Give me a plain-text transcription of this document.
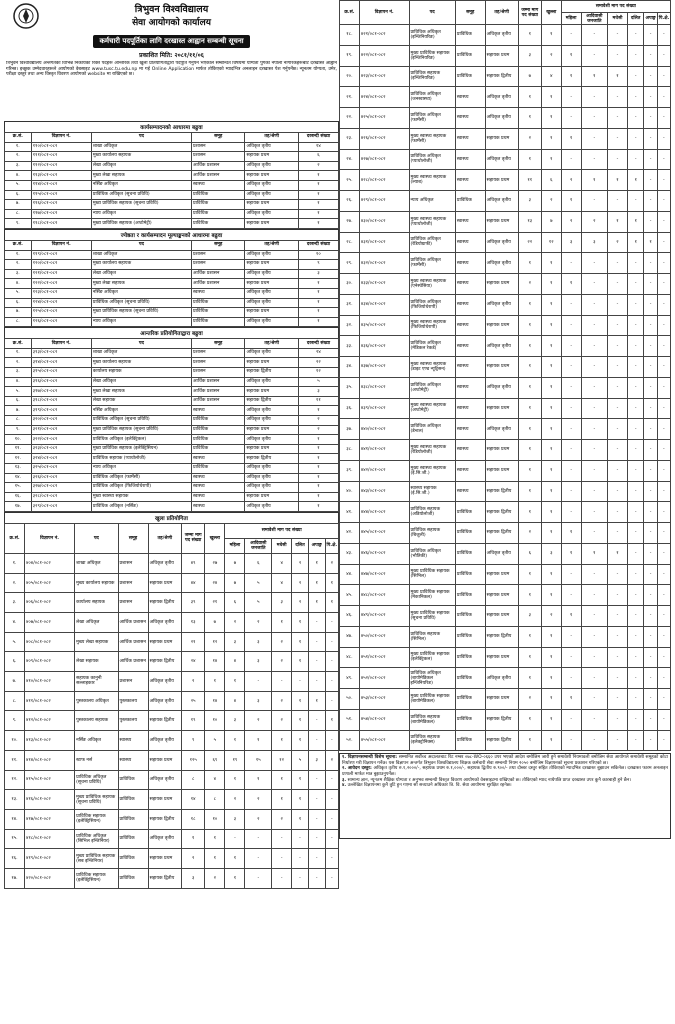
त्रिभुवन विश्वविद्यालय
सेवा आयोगको कार्यालय
कर्मचारी पदपूर्तिका लागि दरखास्त आह्वान सम्बन्धी सूचना
प्रकाशित मिति: २०८१/११/०६
त्रिभुवन विश्वविद्यालय अन्तर्गतका विभिन्न निकायका रिक्त पदहरू आन्तरिक तथा खुला प्रतियोगिताद्वारा पदपूर्ति गर्नुपर्ने भएकाले सम्बन्धित विषयमा योग्यता पुगेका नेपाली नागरिकहरूबाट दरखास्त आह्वान गरिन्छ। इच्छुक उम्मेदवारहरूले आयोगको वेबसाइट www.tusc.tu.edu.np मा गई Online Application मार्फत तोकिएको म्यादभित्र अनलाइन दरखास्त पेश गर्नुपर्नेछ। न्यूनतम योग्यता, उमेर, परीक्षा दस्तुर तथा अन्य विस्तृत विवरण आयोगको website मा राखिएको छ।
कार्यसम्पादनको आधारमा बढुवा
क्र.सं.	विज्ञापन नं.	पद	समूह	तह/श्रेणी	दरबन्दी संख्या
१.	११०/०८१-०८२	शाखा अधिकृत	प्रशासन	अधिकृत तृतीय	१४
२.	१११/०८१-०८२	मुख्य कार्यालय सहायक	प्रशासन	सहायक प्रथम	६
३.	११२/०८१-०८२	लेखा अधिकृत	आर्थिक प्रशासन	अधिकृत तृतीय	२
४.	११३/०८१-०८२	मुख्य लेखा सहायक	आर्थिक प्रशासन	सहायक प्रथम	१
५.	११४/०८१-०८२	नर्सिङ अधिकृत	स्वास्थ्य	अधिकृत तृतीय	१
६.	११५/०८१-०८२	प्राविधिक अधिकृत (सूचना प्रविधि)	प्राविधिक	अधिकृत तृतीय	१
७.	११६/०८१-०८२	मुख्य प्राविधिक सहायक (सूचना प्रविधि)	प्राविधिक	सहायक प्रथम	१
८.	११७/०८१-०८२	न्याय अधिकृत	प्राविधिक	अधिकृत तृतीय	१
९.	११८/०८१-०८२	मुख्य प्राविधिक सहायक (अप्टोमेट्री)	प्राविधिक	सहायक प्रथम	१
ज्येष्ठता र कार्यसम्पादन मूल्याङ्कनको आधारमा बढुवा
क्र.सं.	विज्ञापन नं.	पद	समूह	तह/श्रेणी	दरबन्दी संख्या
१.	११९/०८१-०८२	शाखा अधिकृत	प्रशासन	अधिकृत तृतीय	१०
२.	१२०/०८१-०८२	मुख्य कार्यालय सहायक	प्रशासन	सहायक प्रथम	९
३.	१२१/०८१-०८२	लेखा अधिकृत	आर्थिक प्रशासन	अधिकृत तृतीय	३
४.	१२२/०८१-०८२	मुख्य लेखा सहायक	आर्थिक प्रशासन	सहायक प्रथम	१
५.	१२३/०८१-०८२	नर्सिङ अधिकृत	स्वास्थ्य	अधिकृत तृतीय	१
६.	१२४/०८१-०८२	प्राविधिक अधिकृत (सूचना प्रविधि)	प्राविधिक	अधिकृत तृतीय	१
७.	१२५/०८१-०८२	मुख्य प्राविधिक सहायक (सूचना प्रविधि)	प्राविधिक	सहायक प्रथम	१
८.	१२६/०८१-०८२	न्याय अधिकृत	प्राविधिक	अधिकृत तृतीय	१
आन्तरिक प्रतियोगिताद्वारा बढुवा
क्र.सं.	विज्ञापन नं.	पद	समूह	तह/श्रेणी	दरबन्दी संख्या
१.	३१३/०८१-०८२	शाखा अधिकृत	प्रशासन	अधिकृत तृतीय	२४
२.	३१४/०८१-०८२	मुख्य कार्यालय सहायक	प्रशासन	सहायक प्रथम	२२
३.	३१५/०८१-०८२	कार्यालय सहायक	प्रशासन	सहायक द्वितीय	१२
४.	३१६/०८१-०८२	लेखा अधिकृत	आर्थिक प्रशासन	अधिकृत तृतीय	५
५.	३१७/०८१-०८२	मुख्य लेखा सहायक	आर्थिक प्रशासन	सहायक प्रथम	३
६.	३१८/०८१-०८२	लेखा सहायक	आर्थिक प्रशासन	सहायक द्वितीय	११
७.	३१९/०८१-०८२	नर्सिङ अधिकृत	स्वास्थ्य	अधिकृत तृतीय	१
८.	३२०/०८१-०८२	प्राविधिक अधिकृत (सूचना प्रविधि)	प्राविधिक	अधिकृत तृतीय	२
९.	३२१/०८१-०८२	मुख्य प्राविधिक सहायक (सूचना प्रविधि)	प्राविधिक	सहायक प्रथम	२
१०.	३२२/०८१-०८२	प्राविधिक अधिकृत (इलेक्ट्रिकल)	प्राविधिक	अधिकृत तृतीय	१
११.	३२३/०८१-०८२	मुख्य प्राविधिक सहायक (इलेक्ट्रिसियन)	प्राविधिक	सहायक प्रथम	१
१२.	३२४/०८१-०८२	प्राविधिक सहायक (प्याथोलोजी)	स्वास्थ्य	सहायक द्वितीय	१
१३.	३२५/०८१-०८२	न्याय अधिकृत	प्राविधिक	अधिकृत तृतीय	१
१४.	३२६/०८१-०८२	प्राविधिक अधिकृत (फार्मेसी)	स्वास्थ्य	अधिकृत तृतीय	१
१५.	३२७/०८१-०८२	प्राविधिक अधिकृत (फिजियोथेरापी)	स्वास्थ्य	अधिकृत तृतीय	१
१६.	३२८/०८१-०८२	मुख्य स्वास्थ्य सहायक	स्वास्थ्य	सहायक प्रथम	१
१७.	३२९/०८१-०८२	प्राविधिक अधिकृत (नर्सिङ)	स्वास्थ्य	अधिकृत तृतीय	१
खुला प्रतियोगिता
क्र.सं.	विज्ञापन नं.	पद	समूह	तह/श्रेणी	जम्मा माग पद संख्या	खुल्ला	समावेशी माग पद संख्या					
							महिला	आदिवासी जनजाति	मधेसी	दलित	अपाङ्ग	पि.क्षे.
१.	४०४/०८१-०८२	शाखा अधिकृत	प्रशासन	अधिकृत तृतीय	४९	२७	७	६	४	२	१	२
२.	४०५/०८१-०८२	मुख्य कार्यालय सहायक	प्रशासन	सहायक प्रथम	४४	२४	७	५	४	२	१	१
३.	४०६/०८१-०८२	कार्यालय सहायक	प्रशासन	सहायक द्वितीय	३९	२१	६	५	३	२	१	१
४.	४०७/०८१-०८२	लेखा अधिकृत	आर्थिक प्रशासन	अधिकृत तृतीय	१३	७	२	२	१	१	-	-
५.	४०८/०८१-०८२	मुख्य लेखा सहायक	आर्थिक प्रशासन	सहायक प्रथम	२१	१२	३	३	२	१	-	-
६.	४०९/०८१-०८२	लेखा सहायक	आर्थिक प्रशासन	सहायक द्वितीय	२४	१४	४	३	२	१	-	-
७.	४१०/०८१-०८२	सहायक कानुनी सल्लाहकार	प्रशासन	अधिकृत तृतीय	२	१	१	-	-	-	-	-
८.	४११/०८१-०८२	पुस्तकालय अधिकृत	पुस्तकालय	अधिकृत तृतीय	२५	१४	४	३	२	१	१	-
९.	४१२/०८१-०८२	पुस्तकालय सहायक	पुस्तकालय	सहायक द्वितीय	१९	१०	३	२	२	१	-	१
१०.	४१३/०८१-०८२	नर्सिङ अधिकृत	स्वास्थ्य	अधिकृत तृतीय	९	५	१	१	१	१	-	-
११.	४१४/०८१-०८२	स्टाफ नर्स	स्वास्थ्य	सहायक प्रथम	१२५	६९	१९	१५	१२	५	३	२
१२.	४१५/०८१-०८२	प्राविधिक अधिकृत (सूचना प्रविधि)	प्राविधिक	अधिकृत तृतीय	८	४	१	१	१	१	-	-
१३.	४१६/०८१-०८२	मुख्य प्राविधिक सहायक (सूचना प्रविधि)	प्राविधिक	सहायक प्रथम	१४	८	२	२	१	१	-	-
१४.	४१७/०८१-०८२	प्राविधिक सहायक (इलेक्ट्रिसियन)	प्राविधिक	सहायक द्वितीय	१८	१०	३	२	२	१	-	-
१५.	४१८/०८१-०८२	प्राविधिक अधिकृत (सिभिल इन्जिनियर)	प्राविधिक	अधिकृत तृतीय	१	१	-	-	-	-	-	-
१६.	४१९/०८१-०८२	मुख्य प्राविधिक सहायक (सब इन्जिनियर)	प्राविधिक	सहायक प्रथम	२	१	१	-	-	-	-	-
१७.	४२०/०८१-०८२	प्राविधिक सहायक (इलेक्ट्रिसियन)	प्राविधिक	सहायक द्वितीय	३	२	१	-	-	-	-	-
क्र.सं.	विज्ञापन नं.	पद	समूह	तह/श्रेणी	जम्मा माग पद संख्या	खुल्ला	समावेशी माग पद संख्या					
							महिला	आदिवासी जनजाति	मधेसी	दलित	अपाङ्ग	पि.क्षे.
१८.	४२१/०८१-०८२	प्राविधिक अधिकृत (इन्जिनियरिङ)	प्राविधिक	अधिकृत तृतीय	१	१	-	-	-	-	-	-
१९.	४२२/०८१-०८२	मुख्य प्राविधिक सहायक (इन्जिनियरिङ)	प्राविधिक	सहायक प्रथम	३	२	१	-	-	-	-	-
२०.	४२३/०८१-०८२	प्राविधिक सहायक (इन्जिनियरिङ)	प्राविधिक	सहायक द्वितीय	७	४	१	१	१	-	-	-
२१.	४२४/०८१-०८२	प्राविधिक अधिकृत (जनस्वास्थ्य)	स्वास्थ्य	अधिकृत तृतीय	१	१	-	-	-	-	-	-
२२.	४२५/०८१-०८२	प्राविधिक अधिकृत (फार्मेसी)	स्वास्थ्य	अधिकृत तृतीय	१	१	-	-	-	-	-	-
२३.	४२६/०८१-०८२	मुख्य स्वास्थ्य सहायक (फार्मेसी)	स्वास्थ्य	सहायक प्रथम	२	१	१	-	-	-	-	-
२४.	४२७/०८१-०८२	प्राविधिक अधिकृत (प्याथोलोजी)	स्वास्थ्य	अधिकृत तृतीय	१	१	-	-	-	-	-	-
२५.	४२८/०८१-०८२	मुख्य स्वास्थ्य सहायक (ल्याब)	स्वास्थ्य	सहायक प्रथम	११	६	२	१	१	१	-	-
२६.	४२९/०८१-०८२	न्याय अधिकृत	प्राविधिक	अधिकृत तृतीय	३	२	१	-	-	-	-	-
२७.	४३०/०८१-०८२	मुख्य स्वास्थ्य सहायक (प्याथोलोजी)	स्वास्थ्य	सहायक प्रथम	१३	७	२	२	१	१	-	-
२८.	४३१/०८१-०८२	प्राविधिक अधिकृत (रेडियोग्राफी)	स्वास्थ्य	अधिकृत तृतीय	२२	१२	३	३	२	१	१	-
२९.	४३२/०८१-०८२	प्राविधिक अधिकृत (फार्मेसी)	स्वास्थ्य	अधिकृत तृतीय	१	१	-	-	-	-	-	-
३०.	४३३/०८१-०८२	मुख्य स्वास्थ्य सहायक (एनेस्थेसिया)	स्वास्थ्य	सहायक प्रथम	२	१	१	-	-	-	-	-
३१.	४३४/०८१-०८२	प्राविधिक अधिकृत (फिजियोथेरापी)	स्वास्थ्य	अधिकृत तृतीय	१	१	-	-	-	-	-	-
३२.	४३५/०८१-०८२	मुख्य स्वास्थ्य सहायक (फिजियोथेरापी)	स्वास्थ्य	सहायक प्रथम	१	१	-	-	-	-	-	-
३३.	४३६/०८१-०८२	प्राविधिक अधिकृत (मेडिकल रेकर्ड)	स्वास्थ्य	अधिकृत तृतीय	१	१	-	-	-	-	-	-
३४.	४३७/०८१-०८२	मुख्य स्वास्थ्य सहायक (डाइट एण्ड न्यूट्रिसन)	स्वास्थ्य	सहायक प्रथम	१	१	-	-	-	-	-	-
३५.	४३८/०८१-०८२	प्राविधिक अधिकृत (अप्टोमेट्री)	स्वास्थ्य	अधिकृत तृतीय	१	१	-	-	-	-	-	-
३६.	४३९/०८१-०८२	मुख्य स्वास्थ्य सहायक (अप्टोमेट्री)	स्वास्थ्य	सहायक प्रथम	१	१	-	-	-	-	-	-
३७.	४४०/०८१-०८२	प्राविधिक अधिकृत (डेन्टल)	स्वास्थ्य	अधिकृत तृतीय	१	१	-	-	-	-	-	-
३८.	४४१/०८१-०८२	मुख्य स्वास्थ्य सहायक (रेडियोलोजी)	स्वास्थ्य	सहायक प्रथम	१	१	-	-	-	-	-	-
३९.	४४२/०८१-०८२	मुख्य स्वास्थ्य सहायक (ई.सि.जी.)	स्वास्थ्य	सहायक प्रथम	१	१	-	-	-	-	-	-
४०.	४४३/०८१-०८२	स्वास्थ्य सहायक (ई.सि.जी.)	स्वास्थ्य	सहायक द्वितीय	१	१	-	-	-	-	-	-
४१.	४४४/०८१-०८२	प्राविधिक सहायक (अडियोलोजी)	प्राविधिक	सहायक द्वितीय	१	१	-	-	-	-	-	-
४२.	४४५/०८१-०८२	प्राविधिक सहायक (बिजुली)	प्राविधिक	सहायक द्वितीय	२	१	१	-	-	-	-	-
४३.	४४६/०८१-०८२	प्राविधिक अधिकृत (भौतिकी)	प्राविधिक	अधिकृत तृतीय	६	३	१	१	१	-	-	-
४४.	४४७/०८१-०८२	मुख्य प्राविधिक सहायक (सिभिल)	प्राविधिक	सहायक प्रथम	१	१	-	-	-	-	-	-
४५.	४४८/०८१-०८२	मुख्य प्राविधिक सहायक (मेकानिकल)	प्राविधिक	सहायक प्रथम	१	१	-	-	-	-	-	-
४६.	४४९/०८१-०८२	मुख्य प्राविधिक सहायक (सूचना प्रविधि)	प्राविधिक	सहायक प्रथम	३	२	१	-	-	-	-	-
४७.	४५०/०८१-०८२	प्राविधिक सहायक (सिभिल)	प्राविधिक	सहायक द्वितीय	१	१	-	-	-	-	-	-
४८.	४५१/०८१-०८२	मुख्य प्राविधिक सहायक (इलेक्ट्रिकल)	प्राविधिक	सहायक प्रथम	१	१	-	-	-	-	-	-
४९.	४५२/०८१-०८२	प्राविधिक अधिकृत (बायोमेडिकल इन्जिनियरिङ)	प्राविधिक	अधिकृत तृतीय	१	१	-	-	-	-	-	-
५०.	४५३/०८१-०८२	मुख्य प्राविधिक सहायक (बायोमेडिकल)	प्राविधिक	सहायक प्रथम	२	१	१	-	-	-	-	-
५१.	४५४/०८१-०८२	प्राविधिक सहायक (बायोमेडिकल)	प्राविधिक	सहायक द्वितीय	१	१	-	-	-	-	-	-
५२.	४५५/०८१-०८२	प्राविधिक सहायक (इलेक्ट्रोनिक्स)	प्राविधिक	सहायक द्वितीय	१	१	-	-	-	-	-	-
१. विज्ञापनसम्बन्धी विशेष सूचना: सम्मानित सर्वोच्च अदालतबाट रिट नम्बर ०७८-WO-०६६० उपर भएको आदेश बमोजिम जारी हुने समावेशी नियमावली बमोजिम सेवा आयोगले समावेशी समूहको कोटा निर्धारण गरी विज्ञापन गर्नेछ। यस विज्ञापन अन्तर्गत त्रिभुवन विश्वविद्यालय शिक्षक कर्मचारी सेवा सम्बन्धी नियम २०५० बमोजिम विज्ञापनको सूचना प्रकाशन गरिएको छ।
२. आवेदन दस्तुर: अधिकृत तृतीय रु.१,२०००/-, सहायक प्रथम रु.१,०००/-, सहायक द्वितीय रु.९००/- तथा दोब्बर दस्तुर सहित तोकिएको म्यादभित्र दरखास्त बुझाउन सकिनेछ। दरखास्त फारम अनलाइन प्रणाली मार्फत मात्र बुझाउनुपर्नेछ।
३. सामान्य ज्ञान, न्यूनतम शैक्षिक योग्यता र अनुभव सम्बन्धी विस्तृत विवरण आयोगको वेबसाइटमा राखिएको छ। तोकिएको म्याद नाघेपछि प्राप्त दरखास्त उपर कुनै कारबाही हुने छैन।
४. उल्लेखित विज्ञापनमा कुनै त्रुटि हुन गएमा सो सच्याउने अधिकार त्रि. वि. सेवा आयोगमा सुरक्षित रहनेछ।
